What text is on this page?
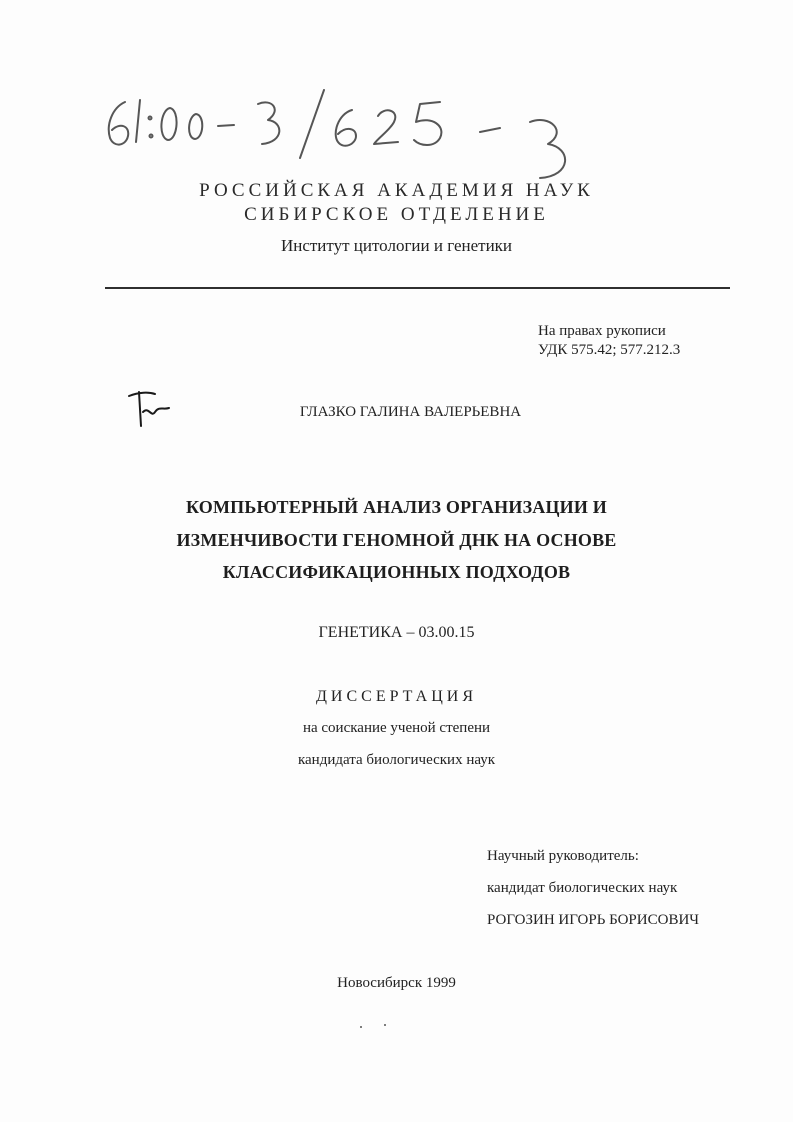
РОССИЙСКАЯ АКАДЕМИЯ НАУК
СИБИРСКОЕ ОТДЕЛЕНИЕ
Институт цитологии и генетики
На правах рукописи
УДК 575.42; 577.212.3
ГЛАЗКО ГАЛИНА ВАЛЕРЬЕВНА
КОМПЬЮТЕРНЫЙ АНАЛИЗ ОРГАНИЗАЦИИ И
ИЗМЕНЧИВОСТИ ГЕНОМНОЙ ДНК НА ОСНОВЕ
КЛАССИФИКАЦИОННЫХ ПОДХОДОВ
ГЕНЕТИКА – 03.00.15
ДИССЕРТАЦИЯ
на соискание ученой степени
кандидата биологических наук
Научный руководитель:
кандидат биологических наук
РОГОЗИН ИГОРЬ БОРИСОВИЧ
Новосибирск 1999
